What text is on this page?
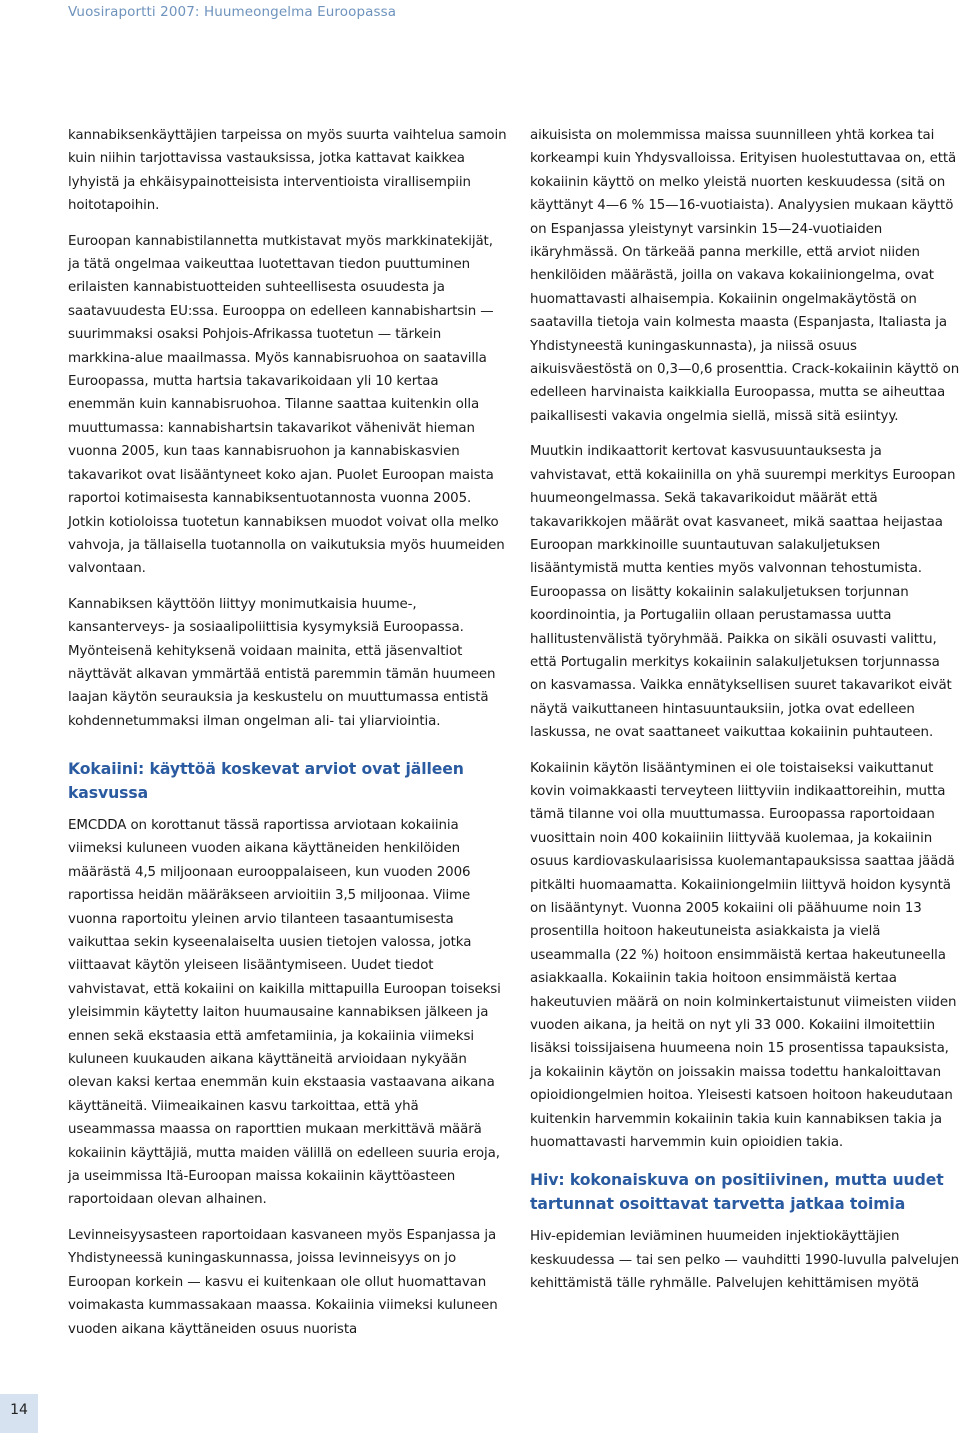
Vuosiraportti 2007: Huumeongelma Euroopassa

kannabiksenkäyttäjien tarpeissa on myös suurta vaihtelua samoin kuin niihin tarjottavissa vastauksissa, jotka kattavat kaikkea lyhyistä ja ehkäisypainotteisista interventioista virallisempiin hoitotapoihin.

Euroopan kannabistilannetta mutkistavat myös markkinatekijät, ja tätä ongelmaa vaikeuttaa luotettavan tiedon puuttuminen erilaisten kannabistuotteiden suhteellisesta osuudesta ja saatavuudesta EU:ssa. Eurooppa on edelleen kannabishartsin — suurimmaksi osaksi Pohjois-Afrikassa tuotetun — tärkein markkina-alue maailmassa. Myös kannabisruohoa on saatavilla Euroopassa, mutta hartsia takavarikoidaan yli 10 kertaa enemmän kuin kannabisruohoa. Tilanne saattaa kuitenkin olla muuttumassa: kannabishartsin takavarikot vähenivät hieman vuonna 2005, kun taas kannabisruohon ja kannabiskasvien takavarikot ovat lisääntyneet koko ajan. Puolet Euroopan maista raportoi kotimaisesta kannabiksentuotannosta vuonna 2005. Jotkin kotioloissa tuotetun kannabiksen muodot voivat olla melko vahvoja, ja tällaisella tuotannolla on vaikutuksia myös huumeiden valvontaan.

Kannabiksen käyttöön liittyy monimutkaisia huume-, kansanterveys- ja sosiaalipoliittisia kysymyksiä Euroopassa. Myönteisenä kehityksenä voidaan mainita, että jäsenvaltiot näyttävät alkavan ymmärtää entistä paremmin tämän huumeen laajan käytön seurauksia ja keskustelu on muuttumassa entistä kohdennetummaksi ilman ongelman ali- tai yliarviointia.

Kokaiini: käyttöä koskevat arviot ovat jälleen kasvussa

EMCDDA on korottanut tässä raportissa arviotaan kokaiinia viimeksi kuluneen vuoden aikana käyttäneiden henkilöiden määrästä 4,5 miljoonaan eurooppalaiseen, kun vuoden 2006 raportissa heidän määräkseen arvioitiin 3,5 miljoonaa. Viime vuonna raportoitu yleinen arvio tilanteen tasaantumisesta vaikuttaa sekin kyseenalaiselta uusien tietojen valossa, jotka viittaavat käytön yleiseen lisääntymiseen. Uudet tiedot vahvistavat, että kokaiini on kaikilla mittapuilla Euroopan toiseksi yleisimmin käytetty laiton huumausaine kannabiksen jälkeen ja ennen sekä ekstaasia että amfetamiinia, ja kokaiinia viimeksi kuluneen kuukauden aikana käyttäneitä arvioidaan nykyään olevan kaksi kertaa enemmän kuin ekstaasia vastaavana aikana käyttäneitä. Viimeaikainen kasvu tarkoittaa, että yhä useammassa maassa on raporttien mukaan merkittävä määrä kokaiinin käyttäjiä, mutta maiden välillä on edelleen suuria eroja, ja useimmissa Itä-Euroopan maissa kokaiinin käyttöasteen raportoidaan olevan alhainen.

Levinneisyysasteen raportoidaan kasvaneen myös Espanjassa ja Yhdistyneessä kuningaskunnassa, joissa levinneisyys on jo Euroopan korkein — kasvu ei kuitenkaan ole ollut huomattavan voimakasta kummassakaan maassa. Kokaiinia viimeksi kuluneen vuoden aikana käyttäneiden osuus nuorista

aikuisista on molemmissa maissa suunnilleen yhtä korkea tai korkeampi kuin Yhdysvalloissa. Erityisen huolestuttavaa on, että kokaiinin käyttö on melko yleistä nuorten keskuudessa (sitä on käyttänyt 4—6 % 15—16-vuotiaista). Analyysien mukaan käyttö on Espanjassa yleistynyt varsinkin 15—24-vuotiaiden ikäryhmässä. On tärkeää panna merkille, että arviot niiden henkilöiden määrästä, joilla on vakava kokaiiniongelma, ovat huomattavasti alhaisempia. Kokaiinin ongelmakäytöstä on saatavilla tietoja vain kolmesta maasta (Espanjasta, Italiasta ja Yhdistyneestä kuningaskunnasta), ja niissä osuus aikuisväestöstä on 0,3—0,6 prosenttia. Crack-kokaiinin käyttö on edelleen harvinaista kaikkialla Euroopassa, mutta se aiheuttaa paikallisesti vakavia ongelmia siellä, missä sitä esiintyy.

Muutkin indikaattorit kertovat kasvusuuntauksesta ja vahvistavat, että kokaiinilla on yhä suurempi merkitys Euroopan huumeongelmassa. Sekä takavarikoidut määrät että takavarikkojen määrät ovat kasvaneet, mikä saattaa heijastaa Euroopan markkinoille suuntautuvan salakuljetuksen lisääntymistä mutta kenties myös valvonnan tehostumista. Euroopassa on lisätty kokaiinin salakuljetuksen torjunnan koordinointia, ja Portugaliin ollaan perustamassa uutta hallitustenvälistä työryhmää. Paikka on sikäli osuvasti valittu, että Portugalin merkitys kokaiinin salakuljetuksen torjunnassa on kasvamassa. Vaikka ennätyksellisen suuret takavarikot eivät näytä vaikuttaneen hintasuuntauksiin, jotka ovat edelleen laskussa, ne ovat saattaneet vaikuttaa kokaiinin puhtauteen.

Kokaiinin käytön lisääntyminen ei ole toistaiseksi vaikuttanut kovin voimakkaasti terveyteen liittyviin indikaattoreihin, mutta tämä tilanne voi olla muuttumassa. Euroopassa raportoidaan vuosittain noin 400 kokaiiniin liittyvää kuolemaa, ja kokaiinin osuus kardiovaskulaarisissa kuolemantapauksissa saattaa jäädä pitkälti huomaamatta. Kokaiiniongelmiin liittyvä hoidon kysyntä on lisääntynyt. Vuonna 2005 kokaiini oli päähuume noin 13 prosentilla hoitoon hakeutuneista asiakkaista ja vielä useammalla (22 %) hoitoon ensimmäistä kertaa hakeutuneella asiakkaalla. Kokaiinin takia hoitoon ensimmäistä kertaa hakeutuvien määrä on noin kolminkertaistunut viimeisten viiden vuoden aikana, ja heitä on nyt yli 33 000. Kokaiini ilmoitettiin lisäksi toissijaisena huumeena noin 15 prosentissa tapauksista, ja kokaiinin käytön on joissakin maissa todettu hankaloittavan opioidiongelmien hoitoa. Yleisesti katsoen hoitoon hakeudutaan kuitenkin harvemmin kokaiinin takia kuin kannabiksen takia ja huomattavasti harvemmin kuin opioidien takia.

Hiv: kokonaiskuva on positiivinen, mutta uudet tartunnat osoittavat tarvetta jatkaa toimia

Hiv-epidemian leviäminen huumeiden injektiokäyttäjien keskuudessa — tai sen pelko — vauhditti 1990-luvulla palvelujen kehittämistä tälle ryhmälle. Palvelujen kehittämisen myötä

14
